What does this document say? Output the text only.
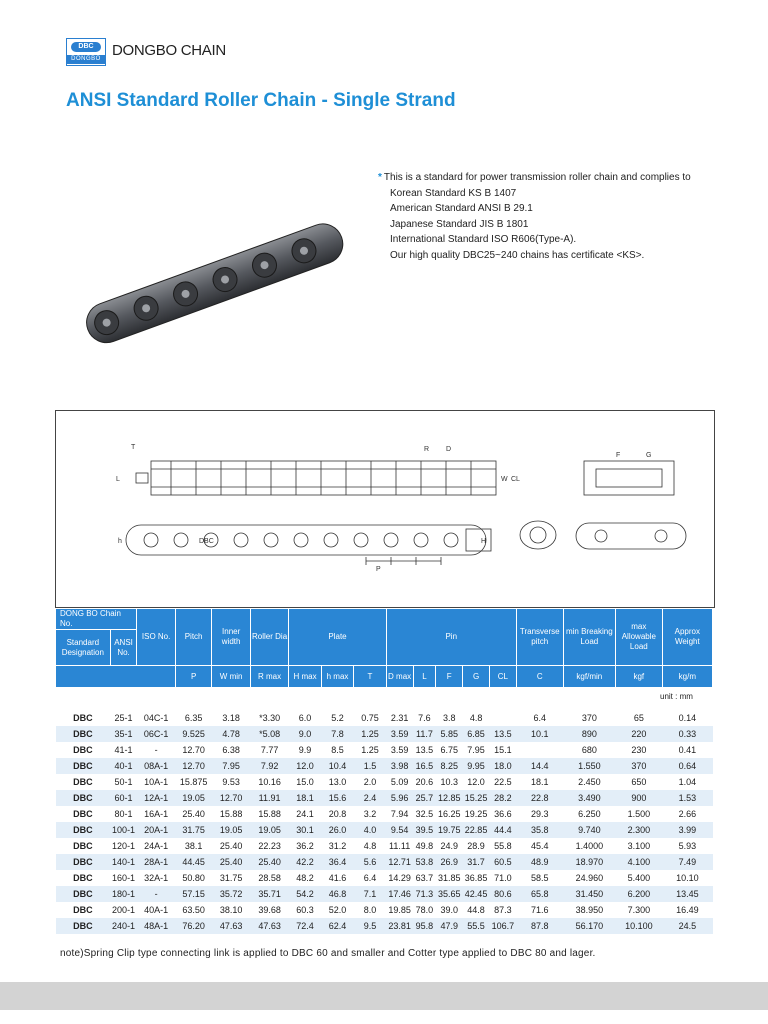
DBC
DONGBO DONGBO CHAIN
ANSI Standard Roller Chain - Single Strand
* This is a standard for power transmission roller chain and complies to
Korean Standard KS B 1407
American Standard ANSI B 29.1
Japanese Standard JIS B 1801
International Standard ISO R606(Type-A).
Our high quality DBC25~240 chains has certificate <KS>.
T
L	W
R D
CL
DBC
P
H
h
F	G
DONG BO Chain No.		ISO No.	Pitch	Inner width	Roller Dia	Plate			Pin					Transverse pitch	min Breaking Load	max Allowable Load	Approx Weight
Standard Designation	ANSI No.																
			P	W min	R max	H max	h max	T	D max	L	F	G	CL	C	kgf/min	kgf	kg/m

DBC	25-1	04C-1	6.35	3.18	*3.30	6.0	5.2	0.75	2.31	7.6	3.8	4.8		6.4	370	65	0.14
DBC	35-1	06C-1	9.525	4.78	*5.08	9.0	7.8	1.25	3.59	11.7	5.85	6.85	13.5	10.1	890	220	0.33
DBC	41-1	-	12.70	6.38	7.77	9.9	8.5	1.25	3.59	13.5	6.75	7.95	15.1		680	230	0.41
DBC	40-1	08A-1	12.70	7.95	7.92	12.0	10.4	1.5	3.98	16.5	8.25	9.95	18.0	14.4	1.550	370	0.64
DBC	50-1	10A-1	15.875	9.53	10.16	15.0	13.0	2.0	5.09	20.6	10.3	12.0	22.5	18.1	2.450	650	1.04
DBC	60-1	12A-1	19.05	12.70	11.91	18.1	15.6	2.4	5.96	25.7	12.85	15.25	28.2	22.8	3.490	900	1.53
DBC	80-1	16A-1	25.40	15.88	15.88	24.1	20.8	3.2	7.94	32.5	16.25	19.25	36.6	29.3	6.250	1.500	2.66
DBC	100-1	20A-1	31.75	19.05	19.05	30.1	26.0	4.0	9.54	39.5	19.75	22.85	44.4	35.8	9.740	2.300	3.99
DBC	120-1	24A-1	38.1	25.40	22.23	36.2	31.2	4.8	11.11	49.8	24.9	28.9	55.8	45.4	1.4000	3.100	5.93
DBC	140-1	28A-1	44.45	25.40	25.40	42.2	36.4	5.6	12.71	53.8	26.9	31.7	60.5	48.9	18.970	4.100	7.49
DBC	160-1	32A-1	50.80	31.75	28.58	48.2	41.6	6.4	14.29	63.7	31.85	36.85	71.0	58.5	24.960	5.400	10.10
DBC	180-1	-	57.15	35.72	35.71	54.2	46.8	7.1	17.46	71.3	35.65	42.45	80.6	65.8	31.450	6.200	13.45
DBC	200-1	40A-1	63.50	38.10	39.68	60.3	52.0	8.0	19.85	78.0	39.0	44.8	87.3	71.6	38.950	7.300	16.49
DBC	240-1	48A-1	76.20	47.63	47.63	72.4	62.4	9.5	23.81	95.8	47.9	55.5	106.7	87.8	56.170	10.100	24.5
unit : mm
note)Spring Clip type connecting link is applied to DBC 60 and smaller and Cotter type applied to DBC 80 and lager.
